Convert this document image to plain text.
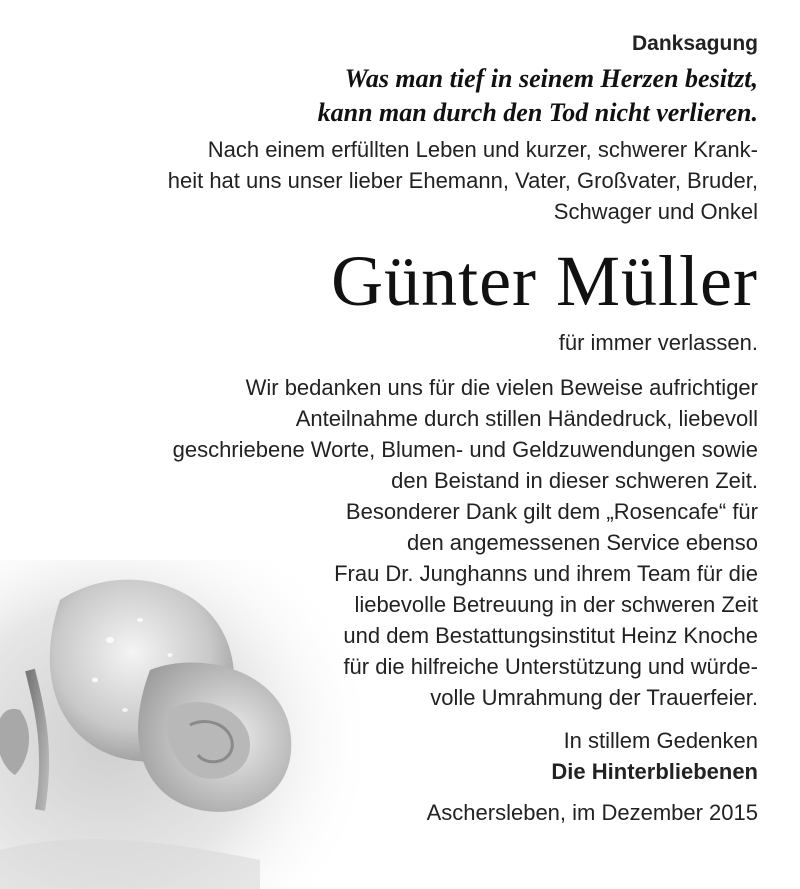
Danksagung

Was man tief in seinem Herzen besitzt,
kann man durch den Tod nicht verlieren.

Nach einem erfüllten Leben und kurzer, schwerer Krank-
heit hat uns unser lieber Ehemann, Vater, Großvater, Bruder,
Schwager und Onkel

Günter Müller

für immer verlassen.

Wir bedanken uns für die vielen Beweise aufrichtiger
Anteilnahme durch stillen Händedruck, liebevoll
geschriebene Worte, Blumen- und Geldzuwendungen sowie
den Beistand in dieser schweren Zeit.
Besonderer Dank gilt dem „Rosencafe“ für
den angemessenen Service ebenso
Frau Dr. Junghanns und ihrem Team für die
liebevolle Betreuung in der schweren Zeit
und dem Bestattungsinstitut Heinz Knoche
für die hilfreiche Unterstützung und würde-
volle Umrahmung der Trauerfeier.

In stillem Gedenken

Die Hinterbliebenen

Aschersleben, im Dezember 2015
